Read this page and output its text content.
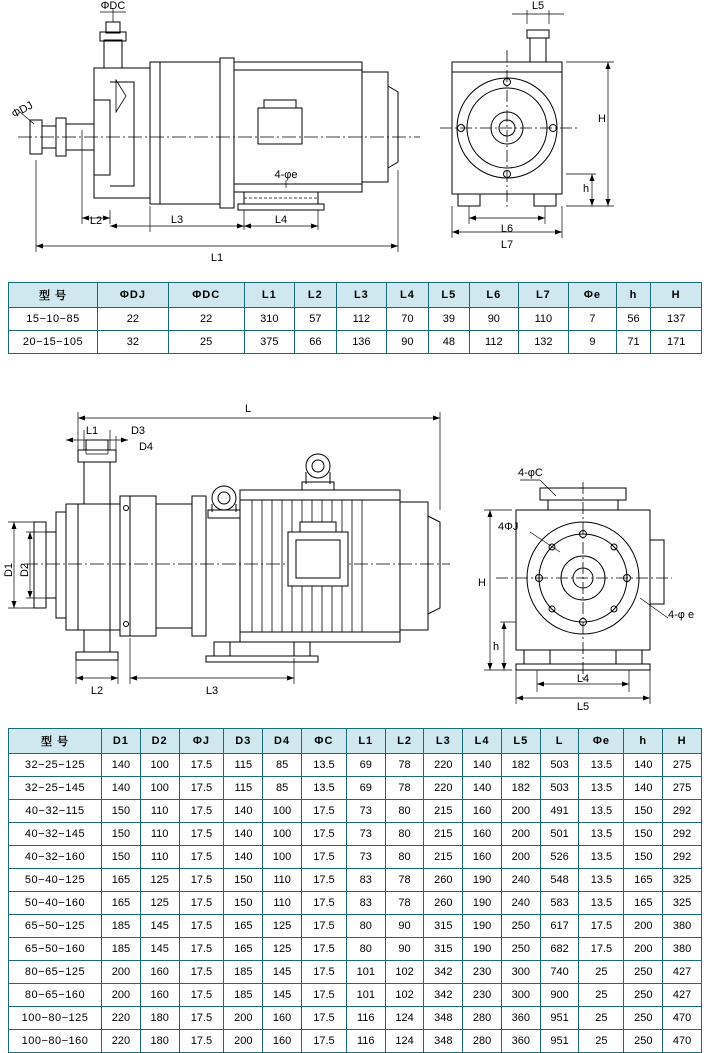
ΦDC
ΦDJ
4-φe
L2	L3	L4
L1
L5
H
h
L6
L7
型 号	ΦDJ	ΦDC	L1	L2	L3	L4	L5	L6	L7	Φe	h	H
15−10−85	22	22	310	57	112	70	39	90	110	7	56	137
20−15−105	32	25	375	66	136	90	48	112	132	9	71	171
L
L1	D3
D4
D1 D2
L2	L3
4-φC
4ΦJ
4-φ e
H
h
L4
L5
型 号	D1	D2	ΦJ	D3	D4	ΦC	L1	L2	L3	L4	L5	L	Φe	h	H
32−25−125	140	100	17.5	115	85	13.5	69	78	220	140	182	503	13.5	140	275
32−25−145	140	100	17.5	115	85	13.5	69	78	220	140	182	503	13.5	140	275
40−32−115	150	110	17.5	140	100	17.5	73	80	215	160	200	491	13.5	150	292
40−32−145	150	110	17.5	140	100	17.5	73	80	215	160	200	501	13.5	150	292
40−32−160	150	110	17.5	140	100	17.5	73	80	215	160	200	526	13.5	150	292
50−40−125	165	125	17.5	150	110	17.5	83	78	260	190	240	548	13.5	165	325
50−40−160	165	125	17.5	150	110	17.5	83	78	260	190	240	583	13.5	165	325
65−50−125	185	145	17.5	165	125	17.5	80	90	315	190	250	617	17.5	200	380
65−50−160	185	145	17.5	165	125	17.5	80	90	315	190	250	682	17.5	200	380
80−65−125	200	160	17.5	185	145	17.5	101	102	342	230	300	740	25	250	427
80−65−160	200	160	17.5	185	145	17.5	101	102	342	230	300	900	25	250	427
100−80−125	220	180	17.5	200	160	17.5	116	124	348	280	360	951	25	250	470
100−80−160	220	180	17.5	200	160	17.5	116	124	348	280	360	951	25	250	470
